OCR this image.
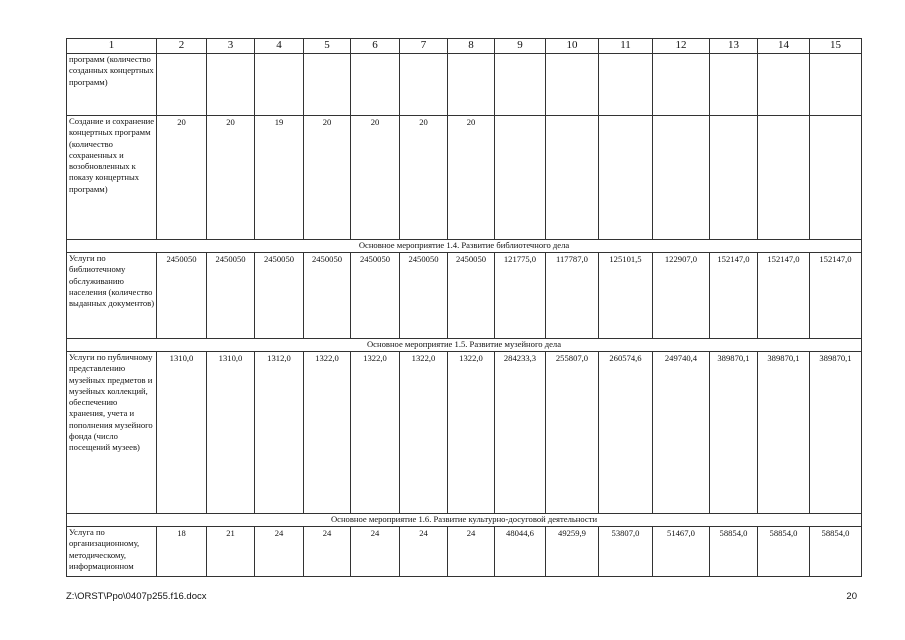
1	2	3	4	5	6	7	8	9	10	11	12	13	14	15
программ (количество созданных концертных программ)														
Создание и сохранение концертных программ (количество сохраненных и возобновленных к показу концертных программ)	20	20	19	20	20	20	20							
Основное мероприятие 1.4. Развитие библиотечного дела														
Услуги по библиотечному обслуживанию населения (количество выданных документов)	2450050	2450050	2450050	2450050	2450050	2450050	2450050	121775,0	117787,0	125101,5	122907,0	152147,0	152147,0	152147,0
Основное мероприятие 1.5. Развитие музейного дела														
Услуги по публичному представлению музейных предметов и музейных коллекций, обеспечению хранения, учета и пополнения музейного фонда (число посещений музеев)	1310,0	1310,0	1312,0	1322,0	1322,0	1322,0	1322,0	284233,3	255807,0	260574,6	249740,4	389870,1	389870,1	389870,1
Основное мероприятие 1.6. Развитие культурно-досуговой деятельности														
Услуга по организационному, методическому, информационном	18	21	24	24	24	24	24	48044,6	49259,9	53807,0	51467,0	58854,0	58854,0	58854,0
Z:\ORST\Ppo\0407p255.f16.docx	20
